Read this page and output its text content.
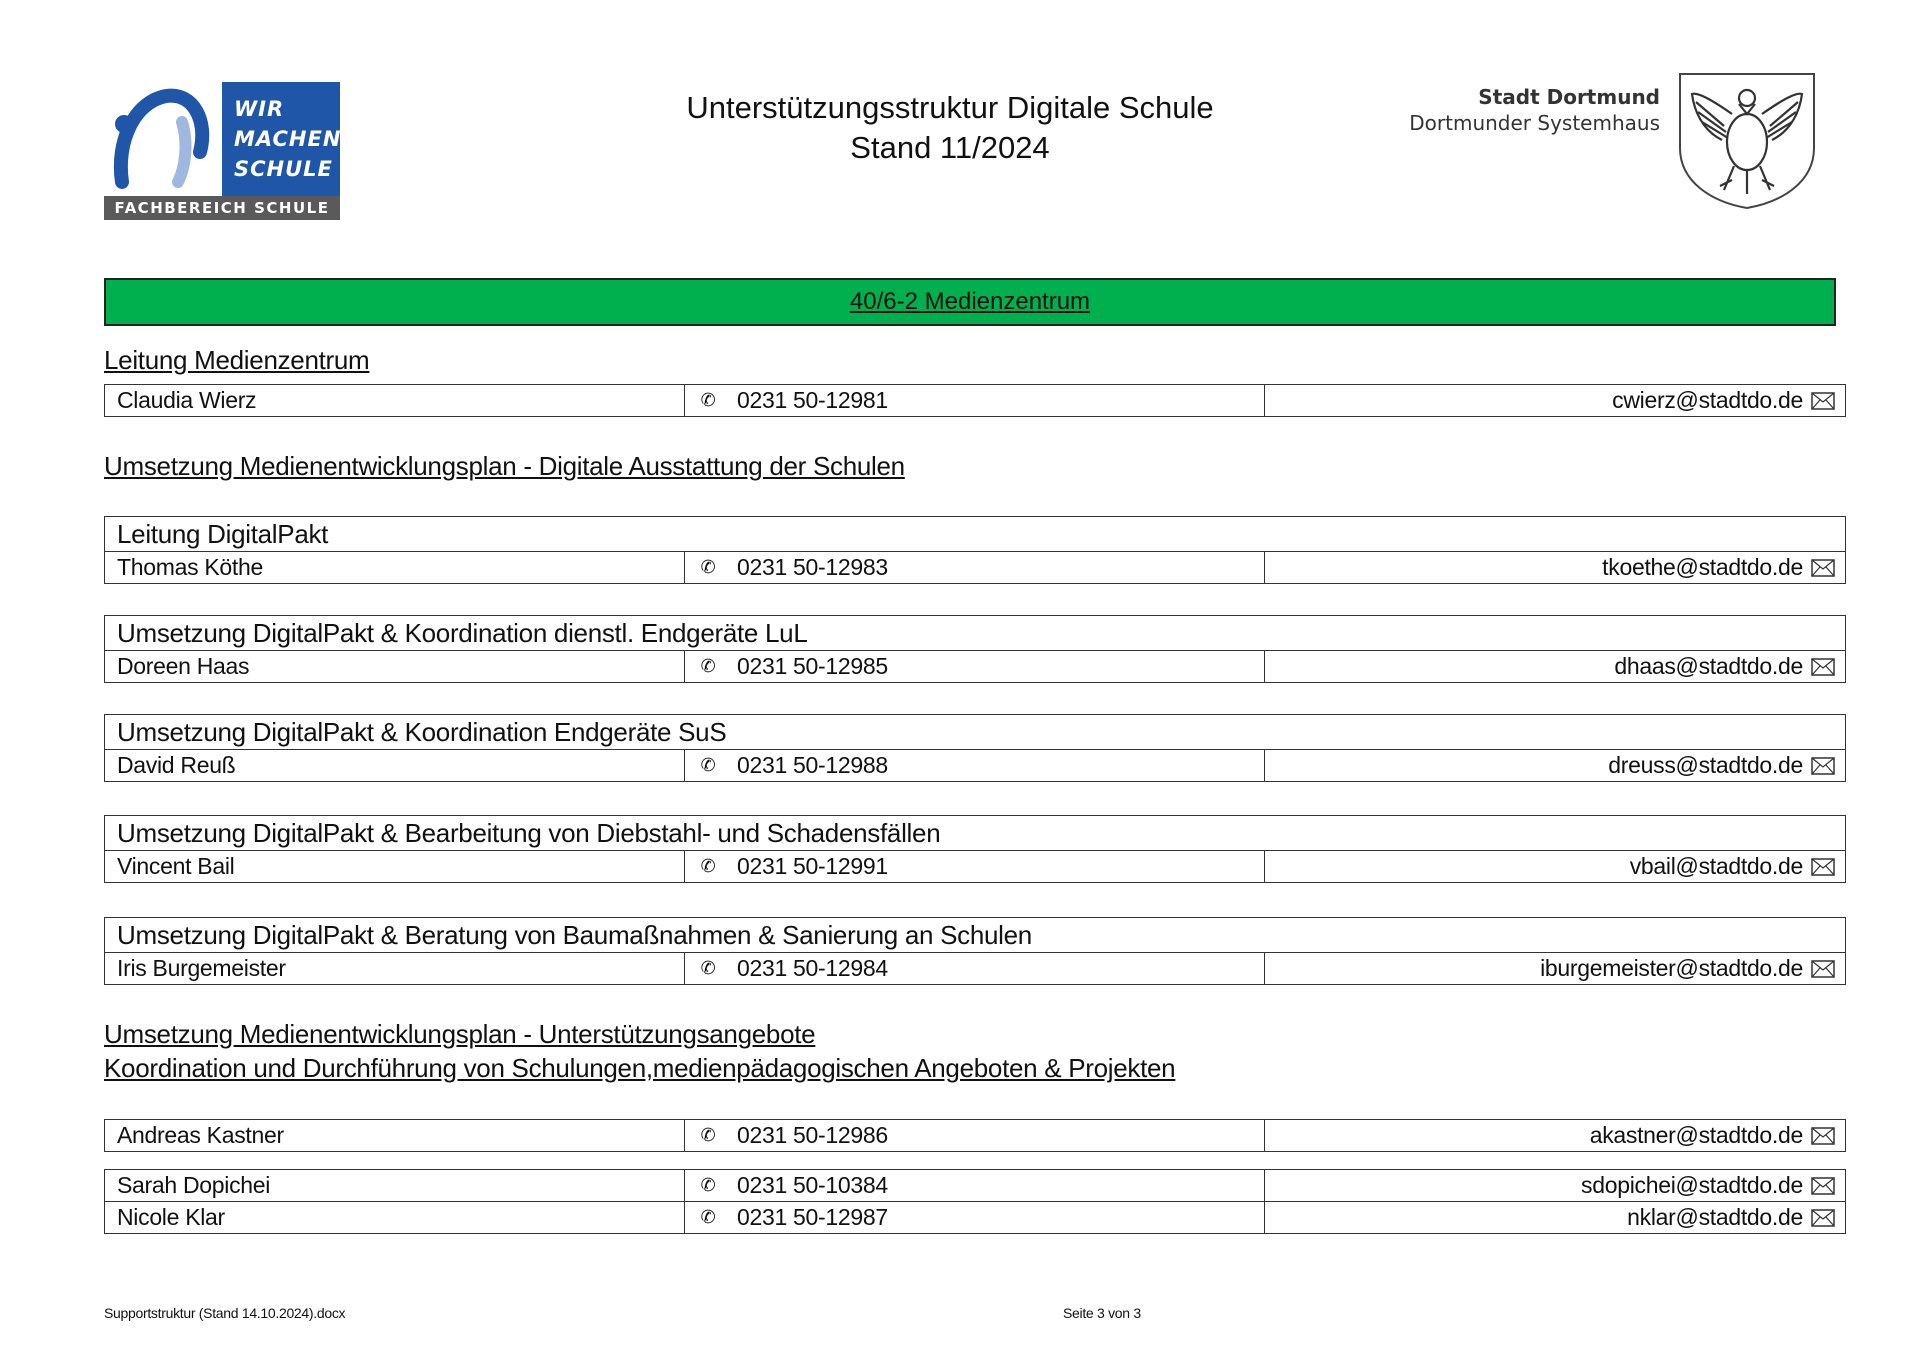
WIR
MACHEN
SCHULE
FACHBEREICH SCHULE
Unterstützungsstruktur Digitale Schule
Stand 11/2024
Stadt Dortmund
Dortmunder Systemhaus
40/6-2 Medienzentrum
Leitung Medienzentrum
Claudia Wierz	✆ 0231 50-12981	cwierz@stadtdo.de
Umsetzung Medienentwicklungsplan - Digitale Ausstattung der Schulen
Leitung DigitalPakt
Thomas Köthe	✆ 0231 50-12983	tkoethe@stadtdo.de
Umsetzung DigitalPakt & Koordination dienstl. Endgeräte LuL
Doreen Haas	✆ 0231 50-12985	dhaas@stadtdo.de
Umsetzung DigitalPakt & Koordination Endgeräte SuS
David Reuß	✆ 0231 50-12988	dreuss@stadtdo.de
Umsetzung DigitalPakt & Bearbeitung von Diebstahl- und Schadensfällen
Vincent Bail	✆ 0231 50-12991	vbail@stadtdo.de
Umsetzung DigitalPakt & Beratung von Baumaßnahmen & Sanierung an Schulen
Iris Burgemeister	✆ 0231 50-12984	iburgemeister@stadtdo.de
Umsetzung Medienentwicklungsplan - Unterstützungsangebote
Koordination und Durchführung von Schulungen,medienpädagogischen Angeboten & Projekten
Andreas Kastner	✆ 0231 50-12986	akastner@stadtdo.de
Sarah Dopichei	✆ 0231 50-10384	sdopichei@stadtdo.de
Nicole Klar	✆ 0231 50-12987	nklar@stadtdo.de
Supportstruktur (Stand 14.10.2024).docx	Seite 3 von 3
